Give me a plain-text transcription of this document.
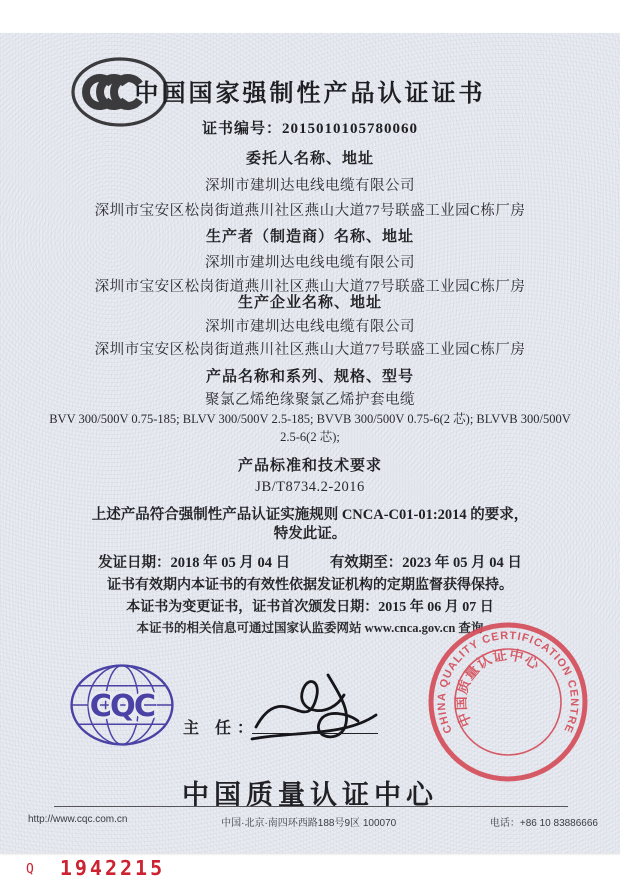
中国国家强制性产品认证证书
证书编号：2015010105780060
委托人名称、地址
深圳市建圳达电线电缆有限公司
深圳市宝安区松岗街道燕川社区燕山大道77号联盛工业园C栋厂房
生产者（制造商）名称、地址
深圳市建圳达电线电缆有限公司
深圳市宝安区松岗街道燕川社区燕山大道77号联盛工业园C栋厂房
生产企业名称、地址
深圳市建圳达电线电缆有限公司
深圳市宝安区松岗街道燕川社区燕山大道77号联盛工业园C栋厂房
产品名称和系列、规格、型号
聚氯乙烯绝缘聚氯乙烯护套电缆
BVV 300/500V 0.75-185; BLVV 300/500V 2.5-185; BVVB 300/500V 0.75-6(2 芯); BLVVB 300/500V 2.5-6(2 芯);
产品标准和技术要求
JB/T8734.2-2016
上述产品符合强制性产品认证实施规则 CNCA-C01-01:2014 的要求，
特发此证。
发证日期：2018 年 05 月 04 日	有效期至：2023 年 05 月 04 日
证书有效期内本证书的有效性依据发证机构的定期监督获得保持。
本证书为变更证书，证书首次颁发日期：2015 年 06 月 07 日
本证书的相关信息可通过国家认监委网站 www.cnca.gov.cn 查询
CQC
主 任：	CHINA QUALITY CERTIFICATION CENTRE
中国质量认证中心
中国质量认证中心
http://www.cqc.com.cn	中国·北京·南四环西路188号9区 100070	电话：+86 10 83886666
Q 1942215
